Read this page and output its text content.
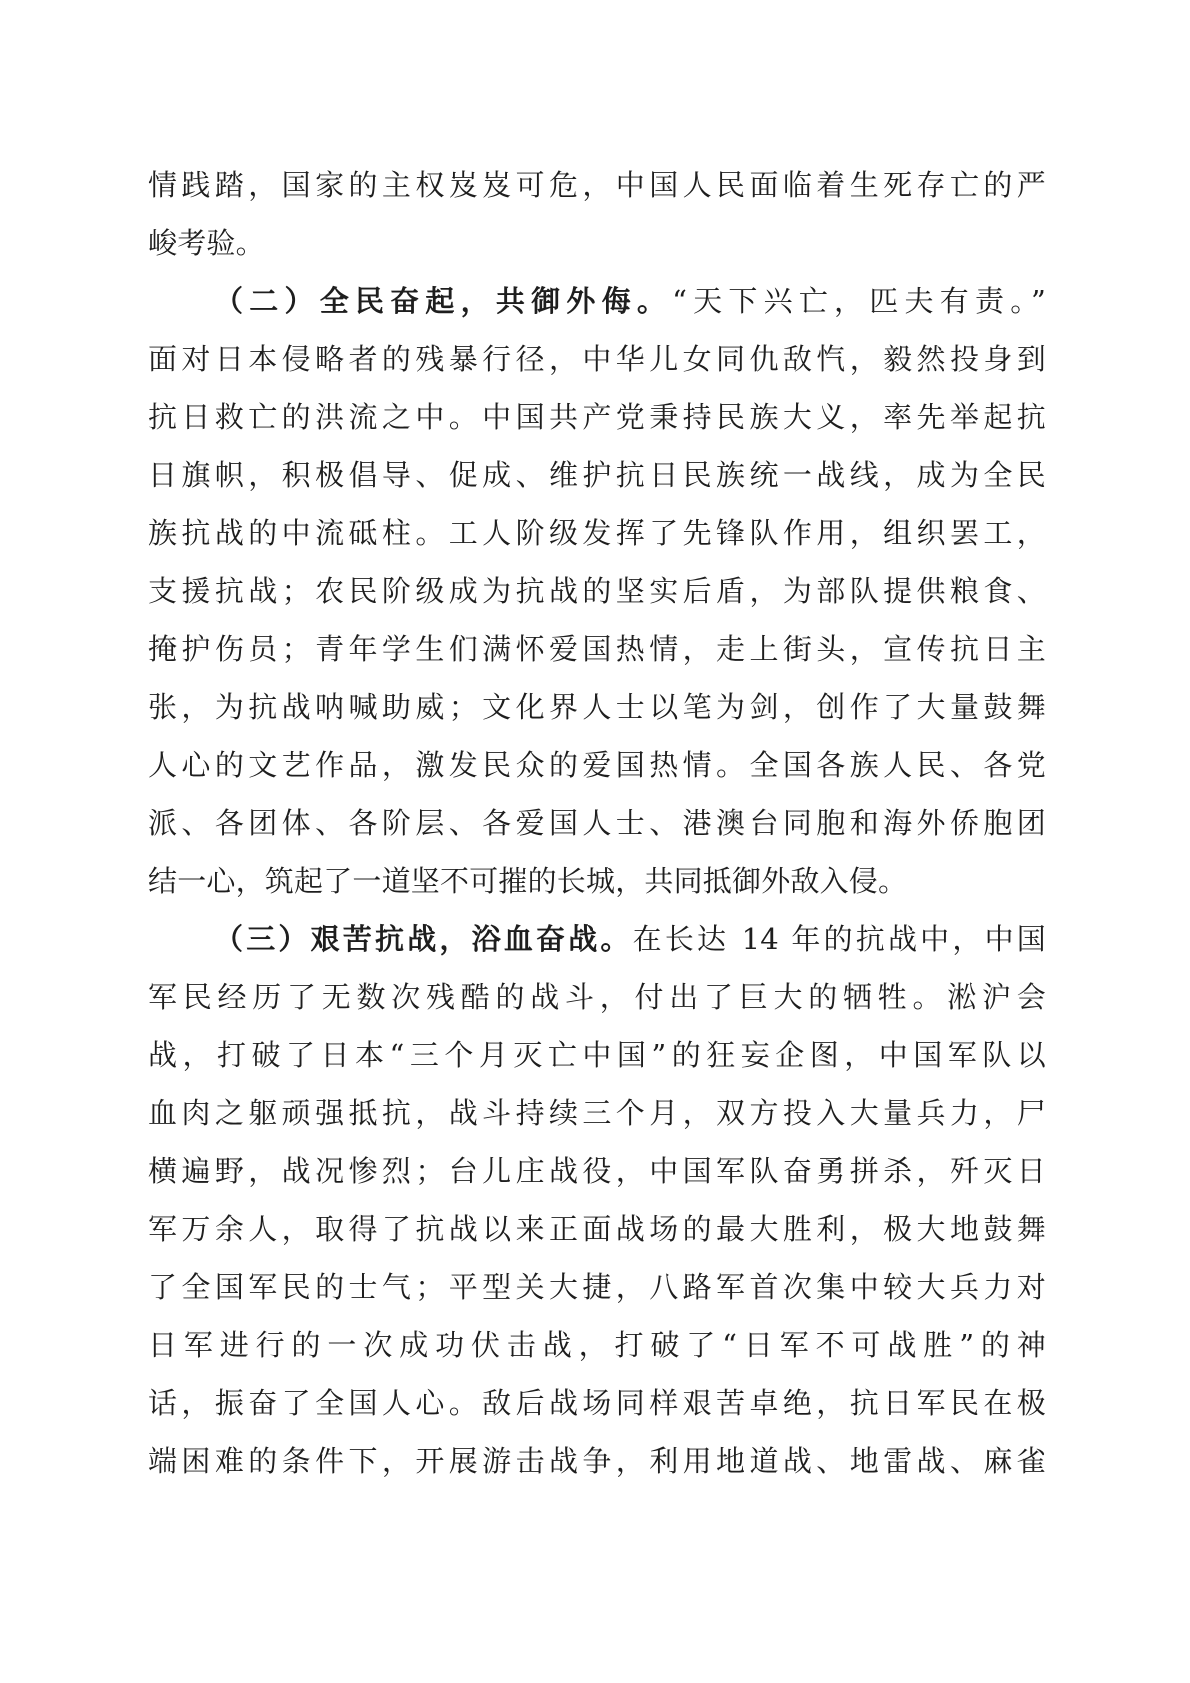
情践踏，国家的主权岌岌可危，中国人民面临着生死存亡的严
峻考验。
（二）全民奋起，共御外侮。“天下兴亡，匹夫有责。”
面对日本侵略者的残暴行径，中华儿女同仇敌忾，毅然投身到
抗日救亡的洪流之中。中国共产党秉持民族大义，率先举起抗
日旗帜，积极倡导、促成、维护抗日民族统一战线，成为全民
族抗战的中流砥柱。工人阶级发挥了先锋队作用，组织罢工，
支援抗战；农民阶级成为抗战的坚实后盾，为部队提供粮食、
掩护伤员；青年学生们满怀爱国热情，走上街头，宣传抗日主
张，为抗战呐喊助威；文化界人士以笔为剑，创作了大量鼓舞
人心的文艺作品，激发民众的爱国热情。全国各族人民、各党
派、各团体、各阶层、各爱国人士、港澳台同胞和海外侨胞团
结一心，筑起了一道坚不可摧的长城，共同抵御外敌入侵。
（三）艰苦抗战，浴血奋战。在长达 14 年的抗战中，中国
军民经历了无数次残酷的战斗，付出了巨大的牺牲。淞沪会
战，打破了日本“三个月灭亡中国”的狂妄企图，中国军队以
血肉之躯顽强抵抗，战斗持续三个月，双方投入大量兵力，尸
横遍野，战况惨烈；台儿庄战役，中国军队奋勇拼杀，歼灭日
军万余人，取得了抗战以来正面战场的最大胜利，极大地鼓舞
了全国军民的士气；平型关大捷，八路军首次集中较大兵力对
日军进行的一次成功伏击战，打破了“日军不可战胜”的神
话，振奋了全国人心。敌后战场同样艰苦卓绝，抗日军民在极
端困难的条件下，开展游击战争，利用地道战、地雷战、麻雀
